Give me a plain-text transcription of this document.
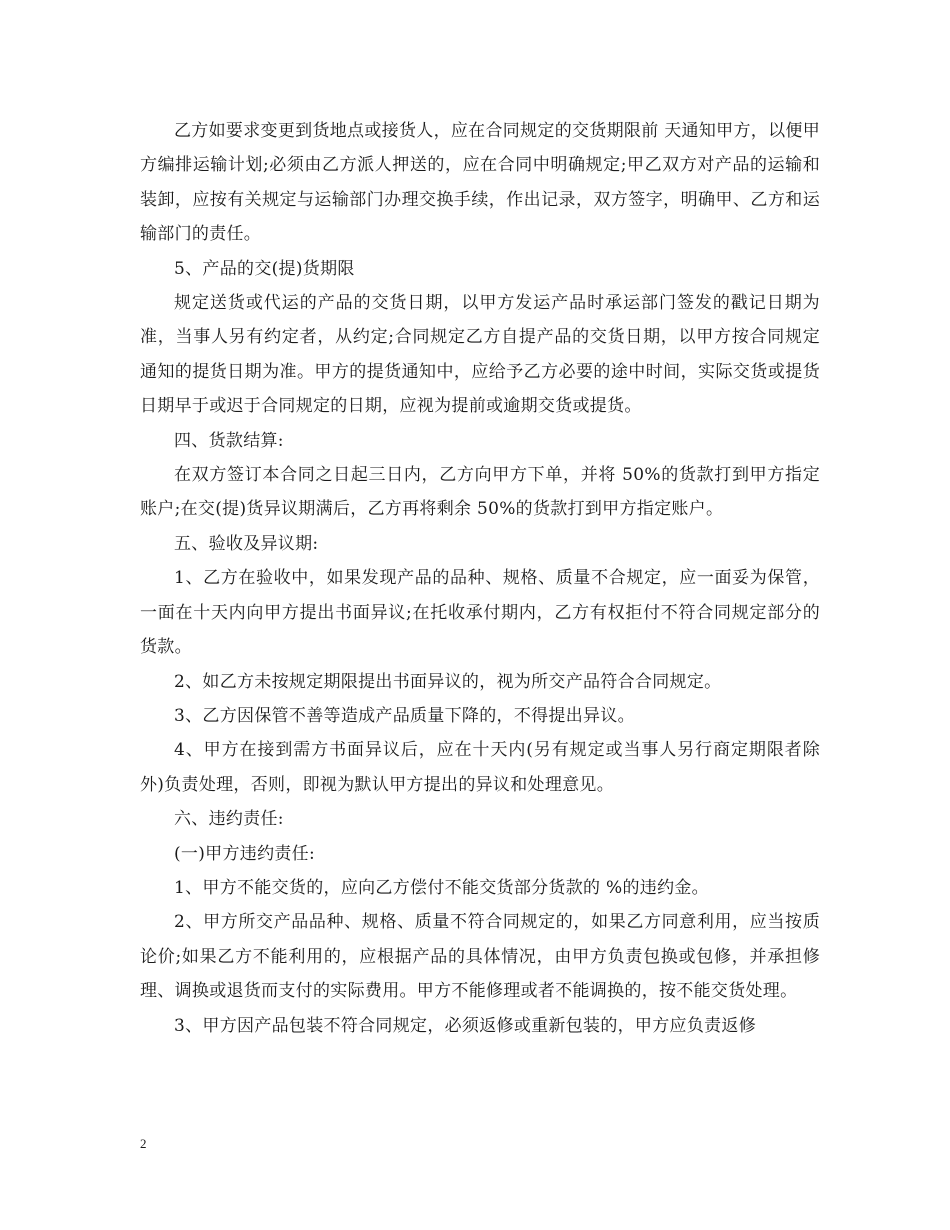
乙方如要求变更到货地点或接货人，应在合同规定的交货期限前 天通知甲方，以便甲方编排运输计划;必须由乙方派人押送的，应在合同中明确规定;甲乙双方对产品的运输和装卸，应按有关规定与运输部门办理交换手续，作出记录，双方签字，明确甲、乙方和运输部门的责任。

5、产品的交(提)货期限

规定送货或代运的产品的交货日期，以甲方发运产品时承运部门签发的戳记日期为准，当事人另有约定者，从约定;合同规定乙方自提产品的交货日期，以甲方按合同规定通知的提货日期为准。甲方的提货通知中，应给予乙方必要的途中时间，实际交货或提货日期早于或迟于合同规定的日期，应视为提前或逾期交货或提货。

四、货款结算:

在双方签订本合同之日起三日内，乙方向甲方下单，并将 50%的货款打到甲方指定账户;在交(提)货异议期满后，乙方再将剩余 50%的货款打到甲方指定账户。

五、验收及异议期:

1、乙方在验收中，如果发现产品的品种、规格、质量不合规定，应一面妥为保管，一面在十天内向甲方提出书面异议;在托收承付期内，乙方有权拒付不符合同规定部分的货款。

2、如乙方未按规定期限提出书面异议的，视为所交产品符合合同规定。

3、乙方因保管不善等造成产品质量下降的，不得提出异议。

4、甲方在接到需方书面异议后，应在十天内(另有规定或当事人另行商定期限者除外)负责处理，否则，即视为默认甲方提出的异议和处理意见。

六、违约责任:

(一)甲方违约责任:

1、甲方不能交货的，应向乙方偿付不能交货部分货款的 %的违约金。

2、甲方所交产品品种、规格、质量不符合同规定的，如果乙方同意利用，应当按质论价;如果乙方不能利用的，应根据产品的具体情况，由甲方负责包换或包修，并承担修理、调换或退货而支付的实际费用。甲方不能修理或者不能调换的，按不能交货处理。

3、甲方因产品包装不符合同规定，必须返修或重新包装的，甲方应负责返修

2
